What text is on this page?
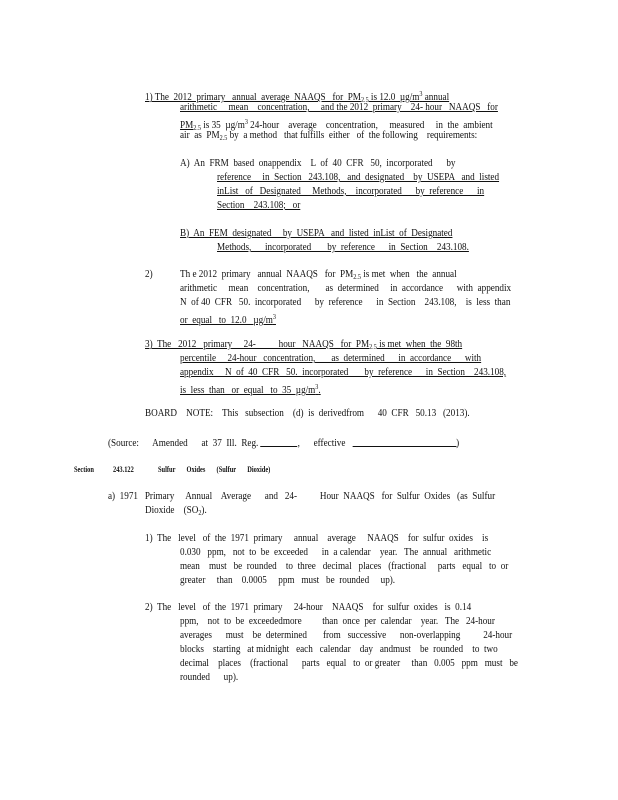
1) The  2012  primary   annual  average  NAAQS   for  $PM_{2.5}$ is 12.0  $\mu g/m^3$ annual
arithmetic     mean    concentration,     and the 2012  primary    24- hour   NAAQS   for
$PM_{2.5}$ is 35  $\mu g/m^3$ 24-hour    average    concentration,     measured     in  the  ambient
air  as  $PM_{2.5}$ by  a method   that fulfills  either   of  the following    requirements:
A)  An  FRM  based  onappendix    L  of  40  CFR   50,  incorporated      by
reference     in  Section   243.108,   and  designated    by  USEPA   and  listed
inList   of   Designated     Methods,    incorporated      by  reference      in
Section    243.108;   or
B)  An  FEM  designated     by  USEPA   and  listed  inList  of  Designated
Methods,      incorporated       by  reference      in  Section    243.108.
2)	Th e 2012  primary   annual  NAAQS   for  $PM_{2.5}$ is met  when   the  annual
arithmetic     mean    concentration,       as  determined     in  accordance      with  appendix
N  of 40  CFR   50.  incorporated      by  reference      in  Section    243.108,    is  less  than
or  equal   to  12.0   $\mu g/m^3$
3)  The   2012   primary     24-          hour   NAAQS   for  $PM_{2.5}$ is met  when  the  98th
percentile     24-hour   concentration,       as  determined      in  accordance      with
appendix     N  of  40  CFR   50.  incorporated       by  reference      in  Section    243.108,
is  less  than   or  equal   to  35  $\mu g/m^3$.
BOARD    NOTE:    This   subsection    (d)  is  derivedfrom      40  CFR   50.13   (2013).
(Source:      Amended      at  37  Ill.  Reg.	,      effective	)
Section 243.122	Sulfur       Oxides       (Sulfur       Dioxide)
a)  1971   Primary     Annual    Average      and   24-          Hour  NAAQS   for  Sulfur  Oxides   (as  Sulfur
Dioxide    $(SO_2)$.
1)  The   level   of  the  1971  primary     annual    average     NAAQS    for  sulfur  oxides    is
0.030   ppm,   not  to  be  exceeded      in  a calendar    year.   The  annual   arithmetic
mean    must   be  rounded    to  three   decimal   places   (fractional     parts   equal   to  or
greater     than    0.0005     ppm   must   be  rounded     up).
2)  The   level   of  the  1971  primary     24-hour    NAAQS    for  sulfur  oxides   is  0.14
ppm,    not  to  be  exceededmore         than  once  per  calendar    year.   The   24-hour
averages      must    be  determined       from   successive      non-overlapping          24-hour
blocks    starting   at midnight   each   calendar    day   andmust    be  rounded    to  two
decimal    places    (fractional      parts   equal   to  or greater     than   0.005   ppm   must   be
rounded      up).
